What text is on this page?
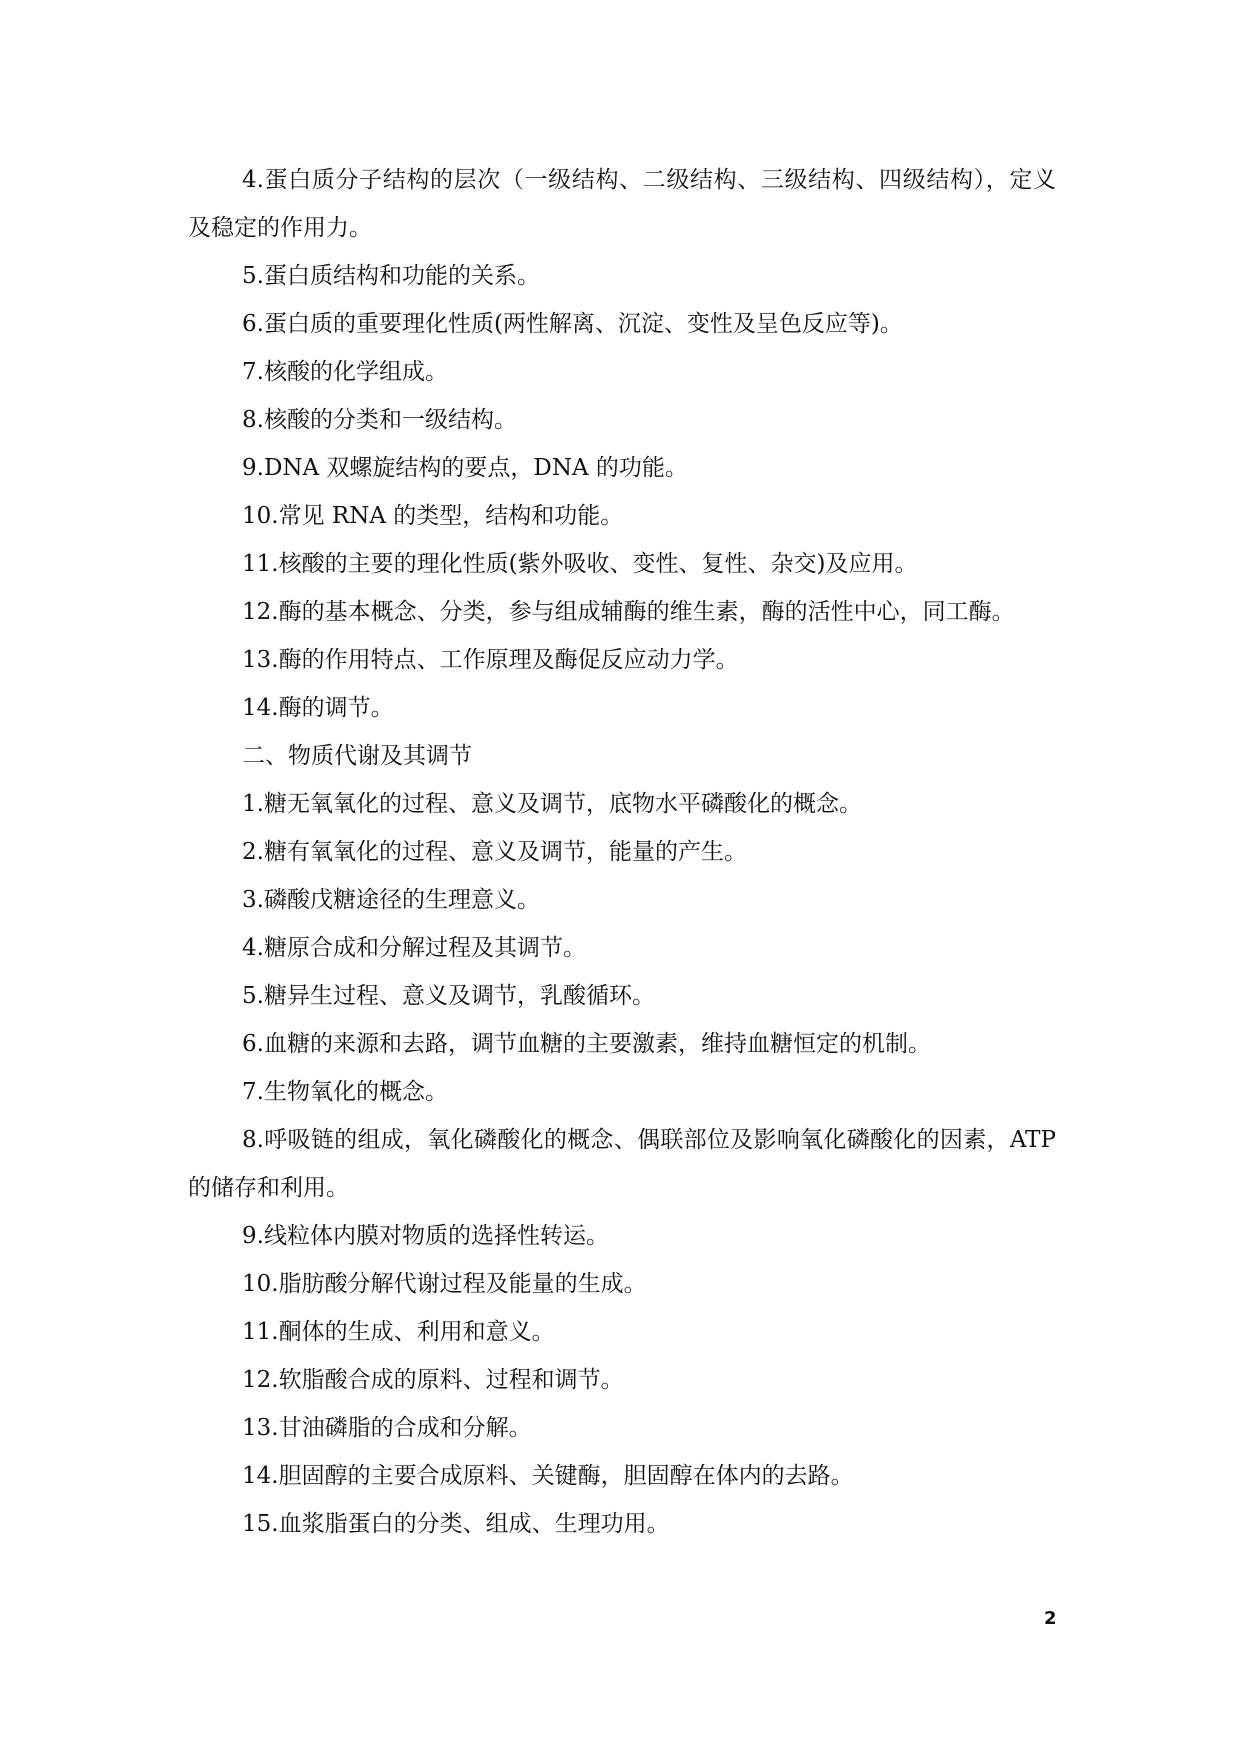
4.蛋白质分子结构的层次（一级结构、二级结构、三级结构、四级结构），定义及稳定的作用力。

5.蛋白质结构和功能的关系。

6.蛋白质的重要理化性质(两性解离、沉淀、变性及呈色反应等)。

7.核酸的化学组成。

8.核酸的分类和一级结构。

9.DNA 双螺旋结构的要点，DNA 的功能。

10.常见 RNA 的类型，结构和功能。

11.核酸的主要的理化性质(紫外吸收、变性、复性、杂交)及应用。

12.酶的基本概念、分类，参与组成辅酶的维生素，酶的活性中心，同工酶。

13.酶的作用特点、工作原理及酶促反应动力学。

14.酶的调节。

二、物质代谢及其调节

1.糖无氧氧化的过程、意义及调节，底物水平磷酸化的概念。

2.糖有氧氧化的过程、意义及调节，能量的产生。

3.磷酸戊糖途径的生理意义。

4.糖原合成和分解过程及其调节。

5.糖异生过程、意义及调节，乳酸循环。

6.血糖的来源和去路，调节血糖的主要激素，维持血糖恒定的机制。

7.生物氧化的概念。

8.呼吸链的组成，氧化磷酸化的概念、偶联部位及影响氧化磷酸化的因素，ATP 的储存和利用。

9.线粒体内膜对物质的选择性转运。

10.脂肪酸分解代谢过程及能量的生成。

11.酮体的生成、利用和意义。

12.软脂酸合成的原料、过程和调节。

13.甘油磷脂的合成和分解。

14.胆固醇的主要合成原料、关键酶，胆固醇在体内的去路。

15.血浆脂蛋白的分类、组成、生理功用。

2
